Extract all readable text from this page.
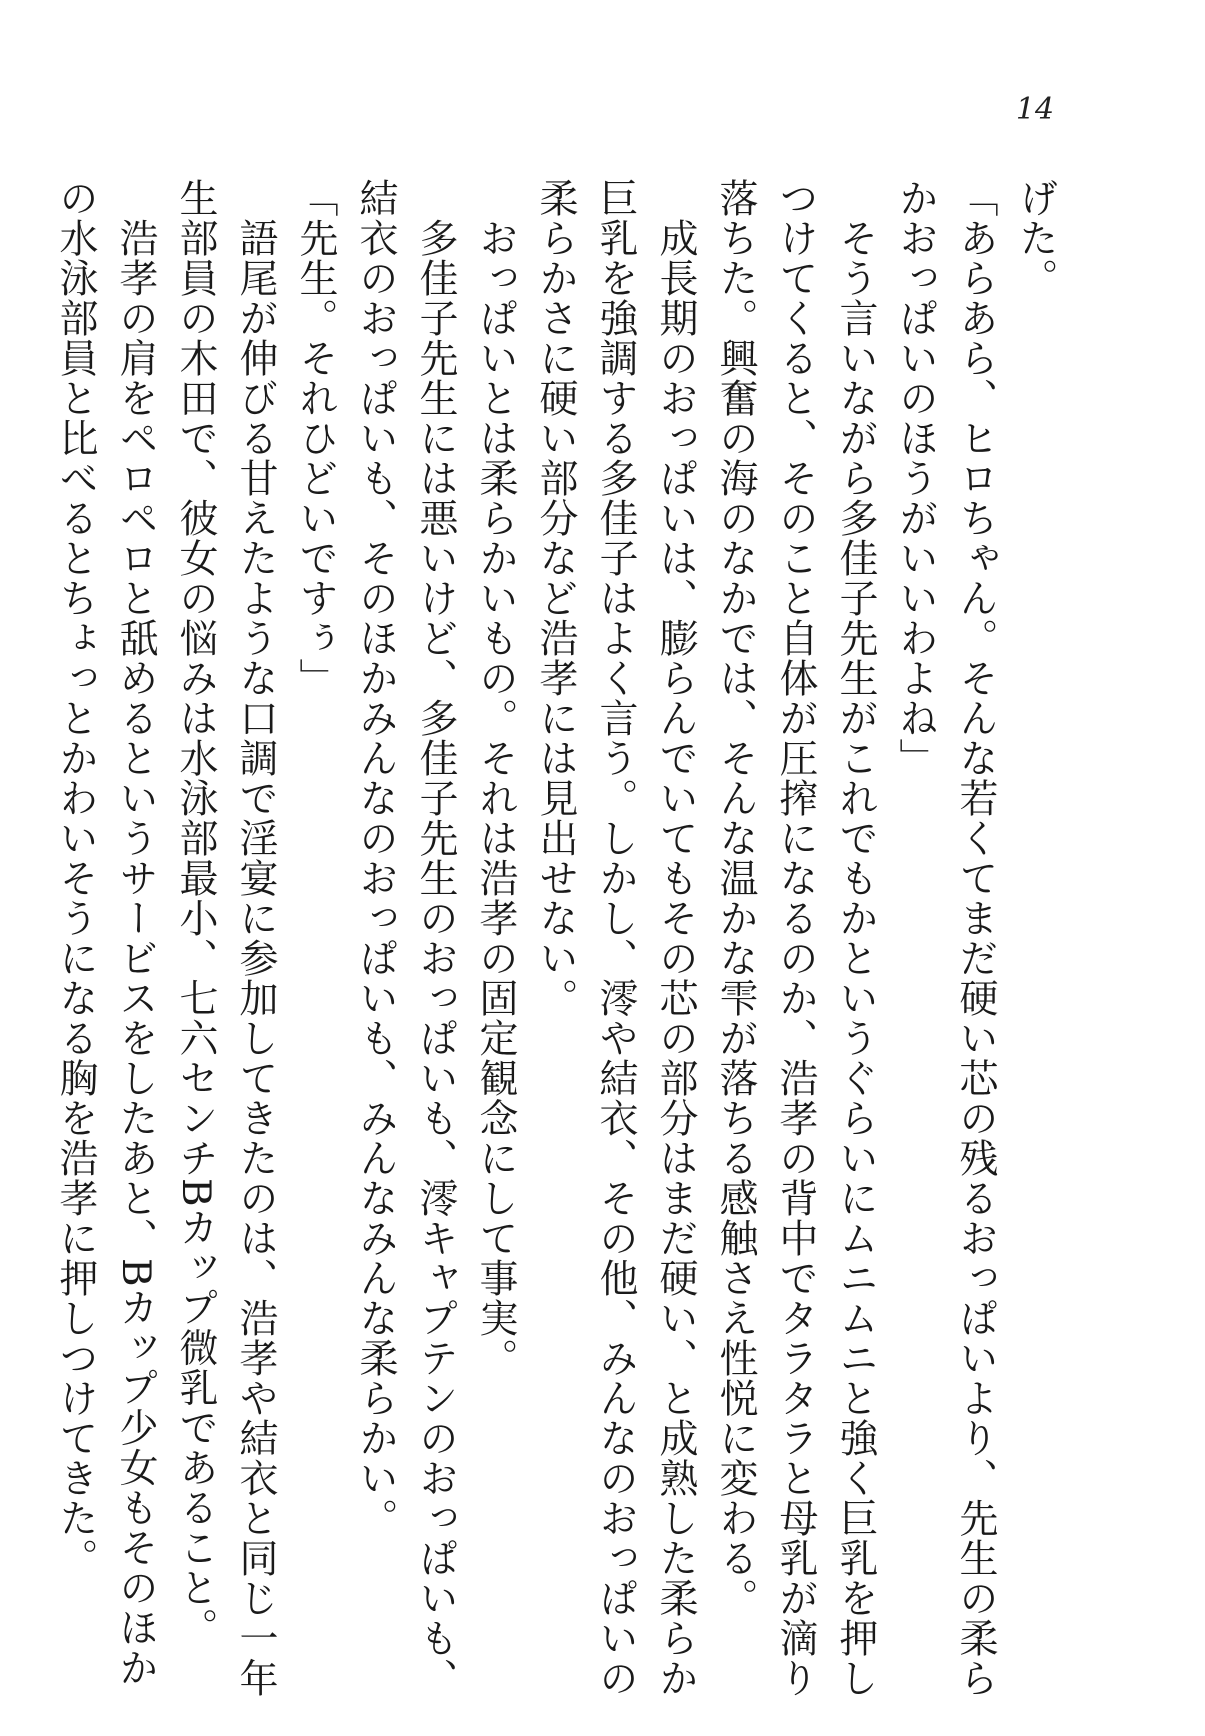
14

げた。

「あらあら、ヒロちゃん。そんな若くてまだ硬い芯の残るおっぱいより、先生の柔ら

かおっぱいのほうがいいわよね」

　そう言いながら多佳子先生がこれでもかというぐらいにムニムニと強く巨乳を押し

つけてくると、そのこと自体が圧搾になるのか、浩孝の背中でタラタラと母乳が滴り

落ちた。興奮の海のなかでは、そんな温かな雫が落ちる感触さえ性悦に変わる。

　成長期のおっぱいは、膨らんでいてもその芯の部分はまだ硬い、と成熟した柔らか

巨乳を強調する多佳子はよく言う。しかし、澪や結衣、その他、みんなのおっぱいの

柔らかさに硬い部分など浩孝には見出せない。

　おっぱいとは柔らかいもの。それは浩孝の固定観念にして事実。

　多佳子先生には悪いけど、多佳子先生のおっぱいも、澪キャプテンのおっぱいも、

結衣のおっぱいも、そのほかみんなのおっぱいも、みんなみんな柔らかい。

「先生。それひどいですぅ」

　語尾が伸びる甘えたような口調で淫宴に参加してきたのは、浩孝や結衣と同じ一年

生部員の木田で、彼女の悩みは水泳部最小、七六センチBカップ微乳であること。

　浩孝の肩をペロペロと舐めるというサービスをしたあと、Bカップ少女もそのほか

の水泳部員と比べるとちょっとかわいそうになる胸を浩孝に押しつけてきた。
